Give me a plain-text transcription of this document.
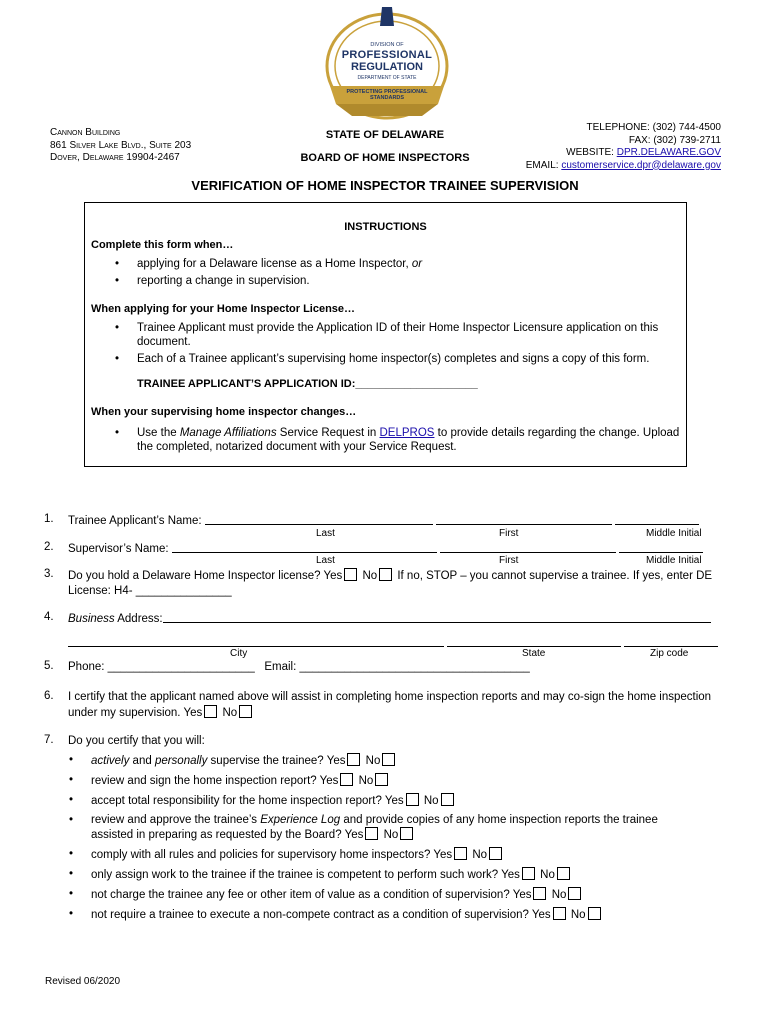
DIVISION OF
PROFESSIONAL
REGULATION
DEPARTMENT OF STATE
PROTECTING PROFESSIONAL STANDARDS
Cannon Building
861 Silver Lake Blvd., Suite 203
Dover, Delaware 19904-2467
STATE OF DELAWARE
BOARD OF HOME INSPECTORS
TELEPHONE: (302) 744-4500
FAX: (302) 739-2711
WEBSITE: DPR.DELAWARE.GOV
EMAIL: customerservice.dpr@delaware.gov
VERIFICATION OF HOME INSPECTOR TRAINEE SUPERVISION
INSTRUCTIONS
Complete this form when…
• applying for a Delaware license as a Home Inspector, or
• reporting a change in supervision.
When applying for your Home Inspector License…
• Trainee Applicant must provide the Application ID of their Home Inspector Licensure application on this document.
• Each of a Trainee applicant’s supervising home inspector(s) completes and signs a copy of this form.
TRAINEE APPLICANT’S APPLICATION ID:____________________
When your supervising home inspector changes…
• Use the Manage Affiliations Service Request in DELPROS to provide details regarding the change. Upload the completed, notarized document with your Service Request.
1. Trainee Applicant’s Name:
Last	First	Middle Initial
2. Supervisor’s Name:
Last	First	Middle Initial
3. Do you hold a Delaware Home Inspector license? Yes No If no, STOP – you cannot supervise a trainee. If yes, enter DE License: H4- _______________
4. Business Address:

City	State	Zip code
5. Phone: _______________________ Email: ____________________________________
6. I certify that the applicant named above will assist in completing home inspection reports and may co-sign the home inspection under my supervision. Yes No
7. Do you certify that you will:
• actively and personally supervise the trainee? Yes No
• review and sign the home inspection report? Yes No
• accept total responsibility for the home inspection report? Yes No
• review and approve the trainee’s Experience Log and provide copies of any home inspection reports the trainee assisted in preparing as requested by the Board? Yes No
• comply with all rules and policies for supervisory home inspectors? Yes No
• only assign work to the trainee if the trainee is competent to perform such work? Yes No
• not charge the trainee any fee or other item of value as a condition of supervision? Yes No
• not require a trainee to execute a non-compete contract as a condition of supervision? Yes No
Revised 06/2020
